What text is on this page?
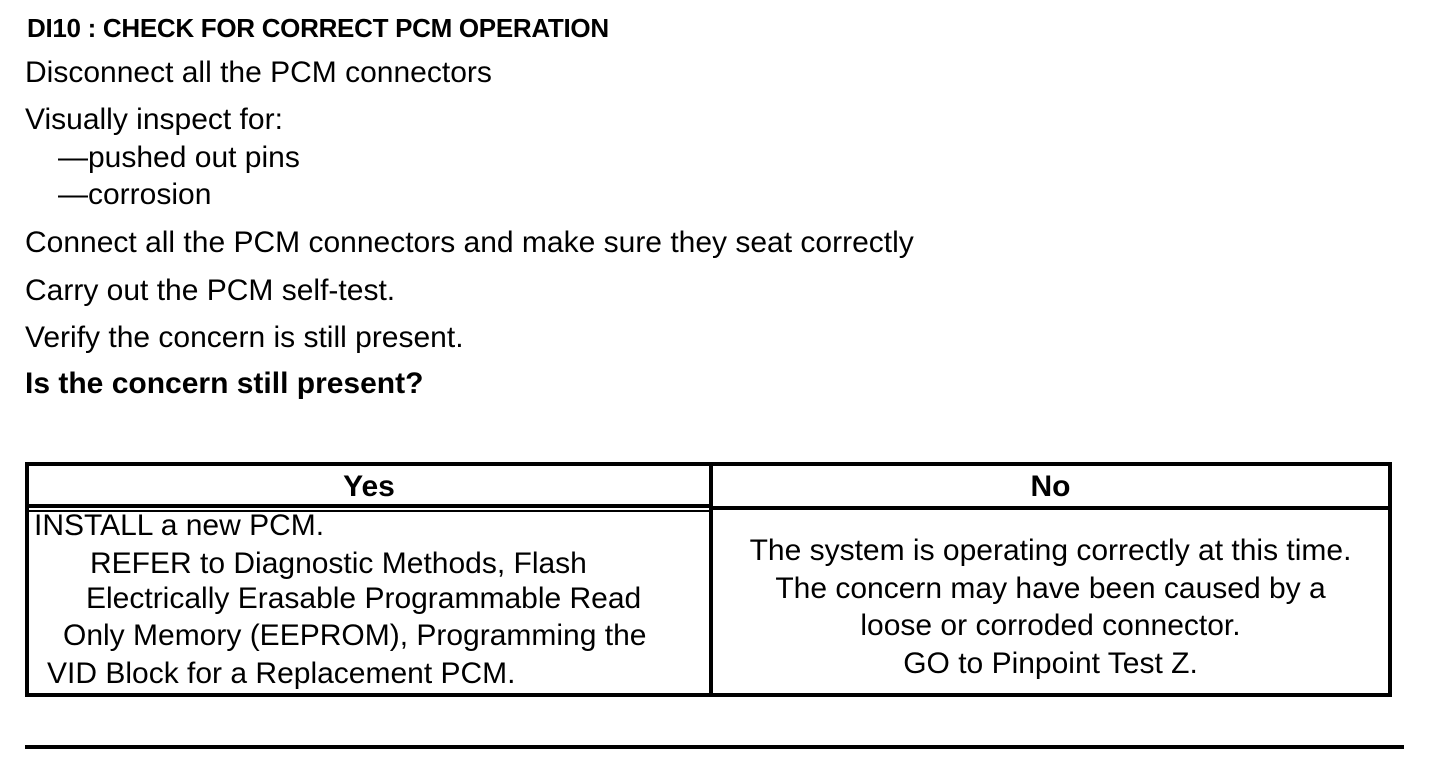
DI10 : CHECK FOR CORRECT PCM OPERATION
Disconnect all the PCM connectors
Visually inspect for:
—pushed out pins
—corrosion
Connect all the PCM connectors and make sure they seat correctly
Carry out the PCM self-test.
Verify the concern is still present.
Is the concern still present?
Yes	No
INSTALL a new PCM.
REFER to Diagnostic Methods, Flash
Electrically Erasable Programmable Read
Only Memory (EEPROM), Programming the
VID Block for a Replacement PCM.
The system is operating correctly at this time.
The concern may have been caused by a
loose or corroded connector.
GO to Pinpoint Test Z.
